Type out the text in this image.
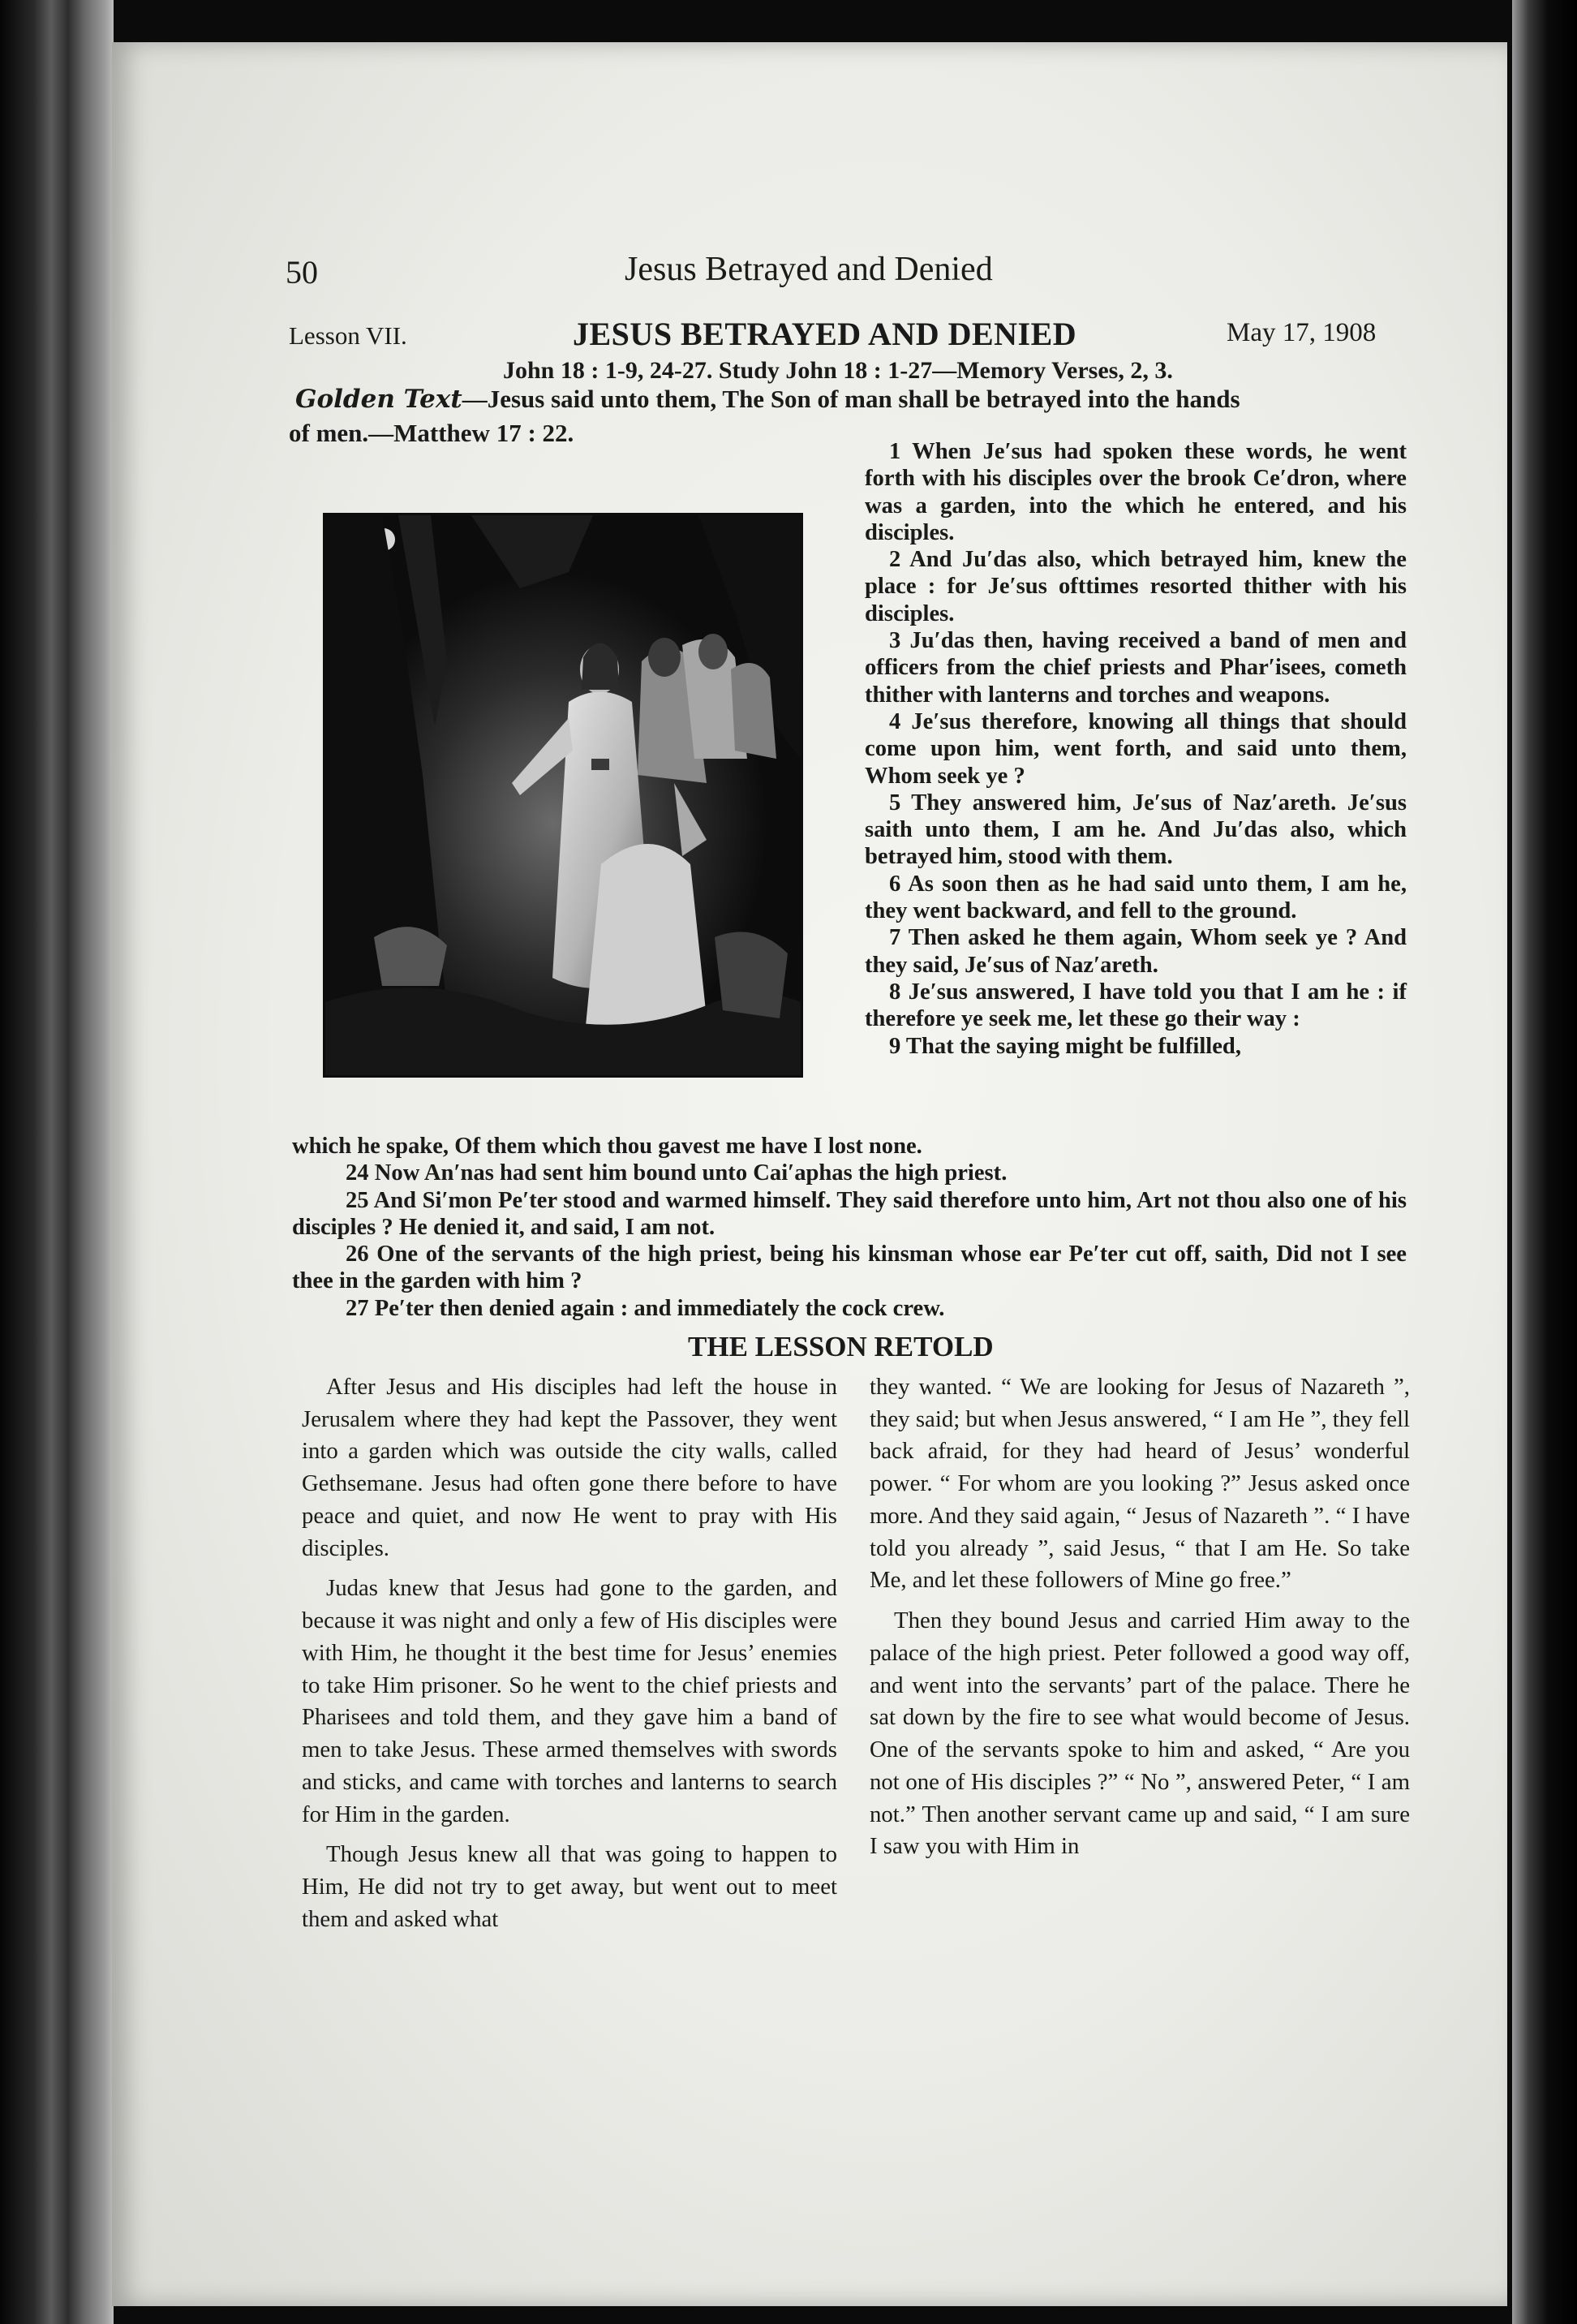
50	Jesus Betrayed and Denied
Lesson VII.	JESUS BETRAYED AND DENIED	May 17, 1908
John 18 : 1-9, 24-27. Study John 18 : 1-27—Memory Verses, 2, 3.
Golden Text—Jesus said unto them, The Son of man shall be betrayed into the hands
of men.—Matthew 17 : 22.

1 When Je′sus had spoken these words, he went forth with his disciples over the brook Ce′dron, where was a garden, into the which he entered, and his disciples.

2 And Ju′das also, which betrayed him, knew the place : for Je′sus ofttimes resorted thither with his disciples.

3 Ju′das then, having received a band of men and officers from the chief priests and Phar′isees, cometh thither with lanterns and torches and weapons.

4 Je′sus therefore, knowing all things that should come upon him, went forth, and said unto them, Whom seek ye ?

5 They answered him, Je′sus of Naz′areth. Je′sus saith unto them, I am he. And Ju′das also, which betrayed him, stood with them.

6 As soon then as he had said unto them, I am he, they went backward, and fell to the ground.

7 Then asked he them again, Whom seek ye ? And they said, Je′sus of Naz′areth.

8 Je′sus answered, I have told you that I am he : if therefore ye seek me, let these go their way :

9 That the saying might be fulfilled,

which he spake, Of them which thou gavest me have I lost none.

24 Now An′nas had sent him bound unto Cai′aphas the high priest.

25 And Si′mon Pe′ter stood and warmed himself. They said therefore unto him, Art not thou also one of his disciples ? He denied it, and said, I am not.

26 One of the servants of the high priest, being his kinsman whose ear Pe′ter cut off, saith, Did not I see thee in the garden with him ?

27 Pe′ter then denied again : and immediately the cock crew.

THE LESSON RETOLD

After Jesus and His disciples had left the house in Jerusalem where they had kept the Passover, they went into a garden which was outside the city walls, called Gethsemane. Jesus had often gone there before to have peace and quiet, and now He went to pray with His disciples.

Judas knew that Jesus had gone to the garden, and because it was night and only a few of His disciples were with Him, he thought it the best time for Jesus’ enemies to take Him prisoner. So he went to the chief priests and Pharisees and told them, and they gave him a band of men to take Jesus. These armed themselves with swords and sticks, and came with torches and lanterns to search for Him in the garden.

Though Jesus knew all that was going to happen to Him, He did not try to get away, but went out to meet them and asked what

they wanted. “ We are looking for Jesus of Nazareth ”, they said; but when Jesus answered, “ I am He ”, they fell back afraid, for they had heard of Jesus’ wonderful power. “ For whom are you looking ?” Jesus asked once more. And they said again, “ Jesus of Nazareth ”. “ I have told you already ”, said Jesus, “ that I am He. So take Me, and let these followers of Mine go free.”

Then they bound Jesus and carried Him away to the palace of the high priest. Peter followed a good way off, and went into the servants’ part of the palace. There he sat down by the fire to see what would become of Jesus. One of the servants spoke to him and asked, “ Are you not one of His disciples ?” “ No ”, answered Peter, “ I am not.” Then another servant came up and said, “ I am sure I saw you with Him in
